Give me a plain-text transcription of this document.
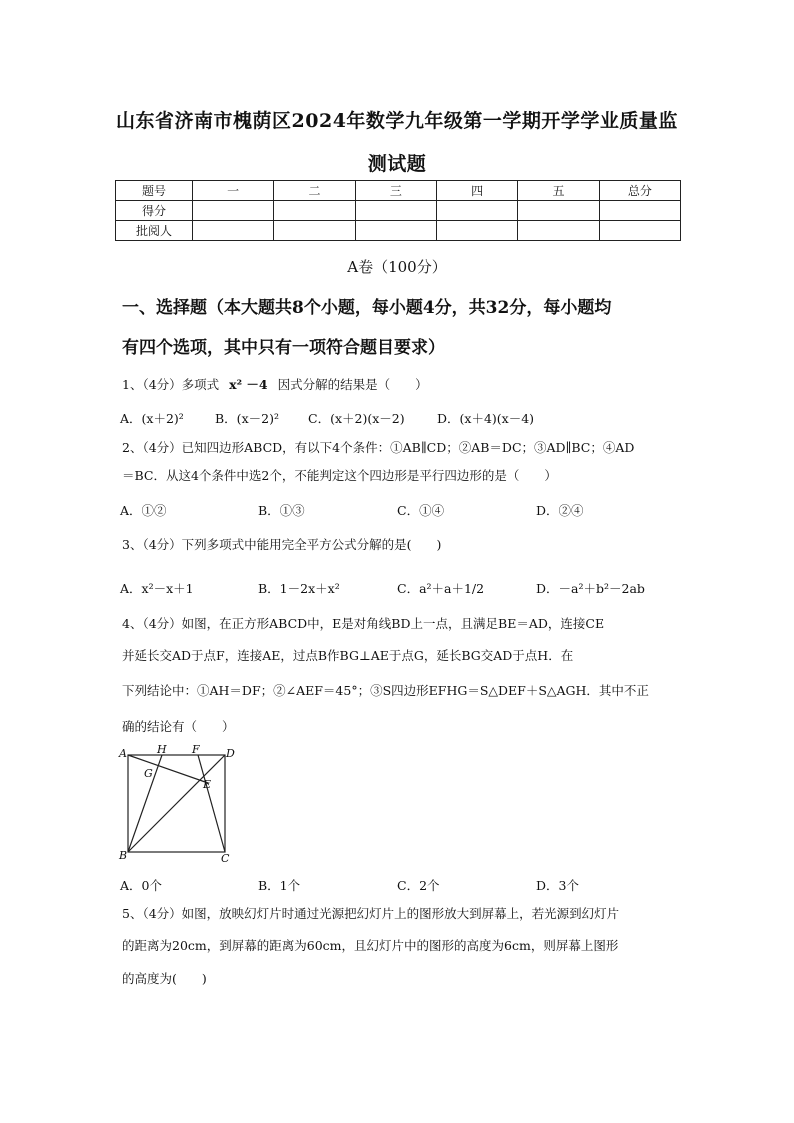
山东省济南市槐荫区2024年数学九年级第一学期开学学业质量监
测试题
题号	一	二	三	四	五	总分
得分						
批阅人						
A卷（100分）
一、选择题（本大题共8个小题，每小题4分，共32分，每小题均
有四个选项，其中只有一项符合题目要求）
1、（4分）多项式 x² －4 因式分解的结果是（　　）
A．(x＋2)² B．(x－2)² C．(x＋2)(x－2)	D．(x＋4)(x－4)
2、（4分）已知四边形ABCD，有以下4个条件：①AB∥CD；②AB＝DC；③AD∥BC；④AD
＝BC．从这4个条件中选2个，不能判定这个四边形是平行四边形的是（　　）
A．①②	B．①③	C．①④	D．②④
3、（4分）下列多项式中能用完全平方公式分解的是(　　)
A．x²－x＋1	B．1－2x＋x²	C．a²＋a＋1/2	D．－a²＋b²－2ab
4、（4分）如图，在正方形ABCD中，E是对角线BD上一点，且满足BE＝AD，连接CE
并延长交AD于点F，连接AE，过点B作BG⊥AE于点G，延长BG交AD于点H．在
下列结论中：①AH＝DF；②∠AEF＝45°；③S四边形EFHG＝S△DEF＋S△AGH．其中不正
确的结论有（　　）
A	H F D
G
E
B	C
A．0个	B．1个	C．2个	D．3个
5、（4分）如图，放映幻灯片时通过光源把幻灯片上的图形放大到屏幕上，若光源到幻灯片
的距离为20cm，到屏幕的距离为60cm，且幻灯片中的图形的高度为6cm，则屏幕上图形
的高度为(　　)
